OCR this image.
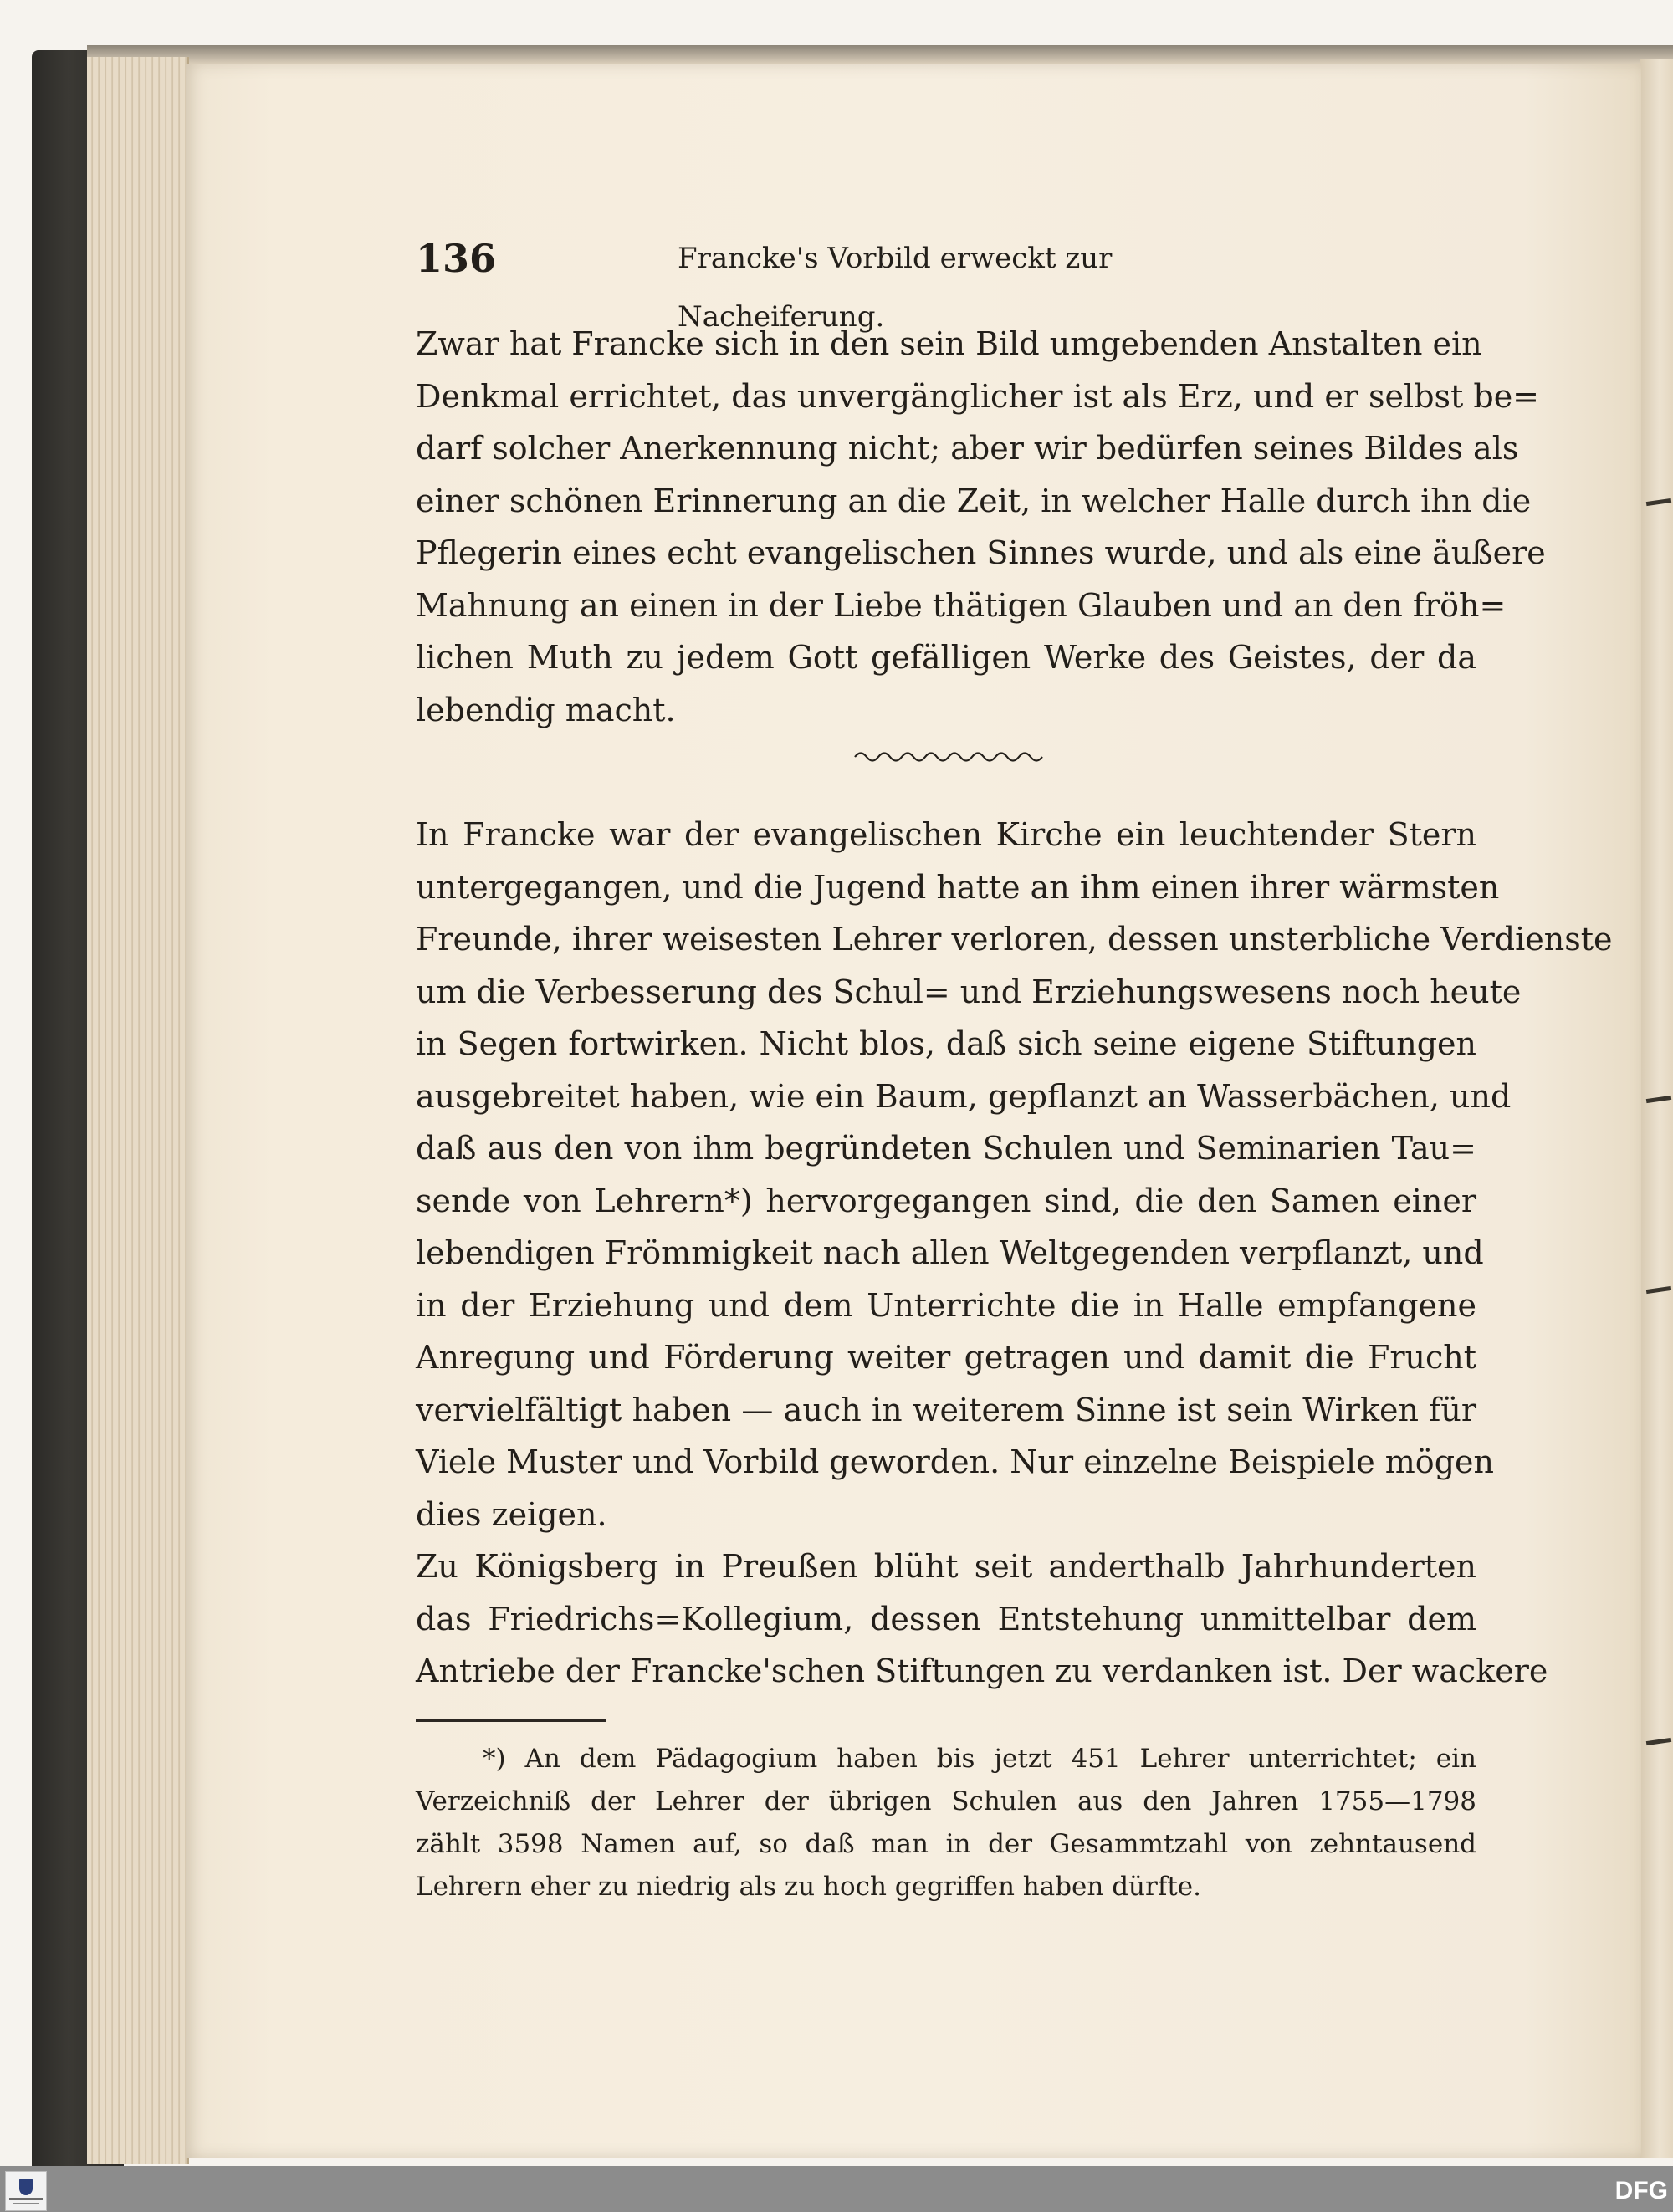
136	Francke's Vorbild erweckt zur Nacheiferung.
Zwar hat Francke sich in den sein Bild umgebenden Anstalten ein
Denkmal errichtet, das unvergänglicher ist als Erz, und er selbst be=
darf solcher Anerkennung nicht; aber wir bedürfen seines Bildes als
einer schönen Erinnerung an die Zeit, in welcher Halle durch ihn die
Pflegerin eines echt evangelischen Sinnes wurde, und als eine äußere
Mahnung an einen in der Liebe thätigen Glauben und an den fröh=
lichen Muth zu jedem Gott gefälligen Werke des Geistes, der da
lebendig macht.
In Francke war der evangelischen Kirche ein leuchtender Stern
untergegangen, und die Jugend hatte an ihm einen ihrer wärmsten
Freunde, ihrer weisesten Lehrer verloren, dessen unsterbliche Verdienste
um die Verbesserung des Schul= und Erziehungswesens noch heute
in Segen fortwirken. Nicht blos, daß sich seine eigene Stiftungen
ausgebreitet haben, wie ein Baum, gepflanzt an Wasserbächen, und
daß aus den von ihm begründeten Schulen und Seminarien Tau=
sende von Lehrern*) hervorgegangen sind, die den Samen einer
lebendigen Frömmigkeit nach allen Weltgegenden verpflanzt, und
in der Erziehung und dem Unterrichte die in Halle empfangene
Anregung und Förderung weiter getragen und damit die Frucht
vervielfältigt haben — auch in weiterem Sinne ist sein Wirken für
Viele Muster und Vorbild geworden. Nur einzelne Beispiele mögen
dies zeigen.
Zu Königsberg in Preußen blüht seit anderthalb Jahrhunderten
das Friedrichs=Kollegium, dessen Entstehung unmittelbar dem
Antriebe der Francke'schen Stiftungen zu verdanken ist. Der wackere
*) An dem Pädagogium haben bis jetzt 451 Lehrer unterrichtet; ein
Verzeichniß der Lehrer der übrigen Schulen aus den Jahren 1755—1798
zählt 3598 Namen auf, so daß man in der Gesammtzahl von zehntausend
Lehrern eher zu niedrig als zu hoch gegriffen haben dürfte.
DFG
